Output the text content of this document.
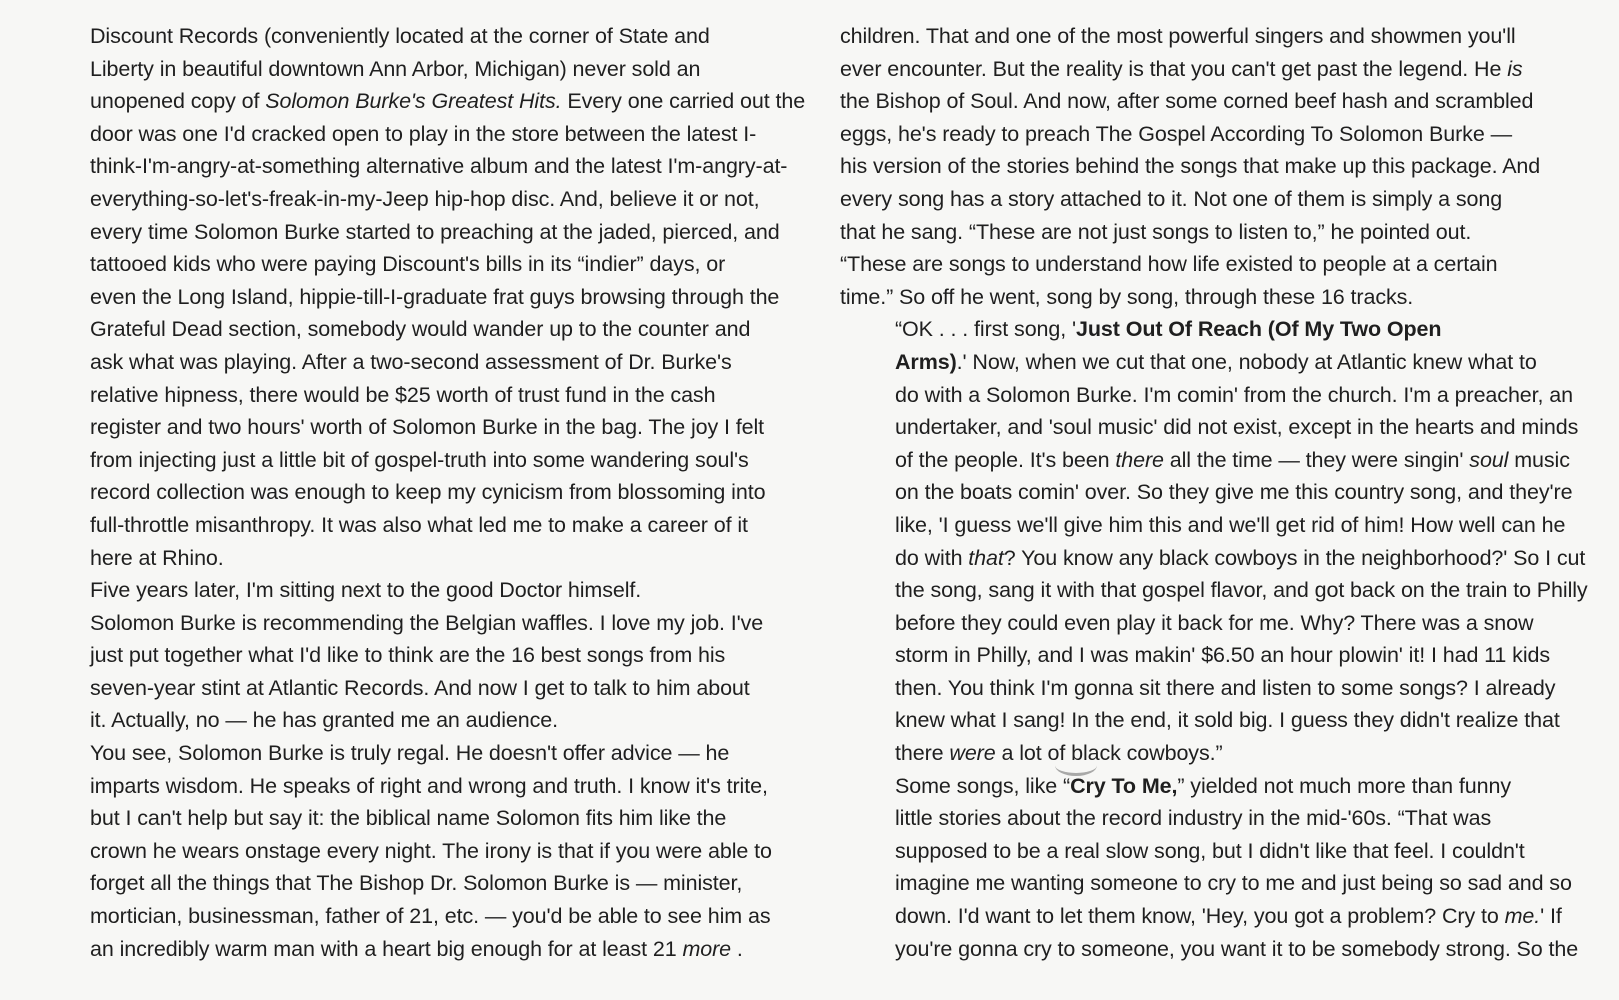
Discount Records (conveniently located at the corner of State and
Liberty in beautiful downtown Ann Arbor, Michigan) never sold an
unopened copy of Solomon Burke's Greatest Hits. Every one carried out the
door was one I'd cracked open to play in the store between the latest I-
think-I'm-angry-at-something alternative album and the latest I'm-angry-at-
everything-so-let's-freak-in-my-Jeep hip-hop disc. And, believe it or not,
every time Solomon Burke started to preaching at the jaded, pierced, and
tattooed kids who were paying Discount's bills in its “indier” days, or
even the Long Island, hippie-till-I-graduate frat guys browsing through the
Grateful Dead section, somebody would wander up to the counter and
ask what was playing. After a two-second assessment of Dr. Burke's
relative hipness, there would be $25 worth of trust fund in the cash
register and two hours' worth of Solomon Burke in the bag. The joy I felt
from injecting just a little bit of gospel-truth into some wandering soul's
record collection was enough to keep my cynicism from blossoming into
full-throttle misanthropy. It was also what led me to make a career of it
here at Rhino.

Five years later, I'm sitting next to the good Doctor himself.
Solomon Burke is recommending the Belgian waffles. I love my job. I've
just put together what I'd like to think are the 16 best songs from his
seven-year stint at Atlantic Records. And now I get to talk to him about
it. Actually, no — he has granted me an audience.

You see, Solomon Burke is truly regal. He doesn't offer advice — he
imparts wisdom. He speaks of right and wrong and truth. I know it's trite,
but I can't help but say it: the biblical name Solomon fits him like the
crown he wears onstage every night. The irony is that if you were able to
forget all the things that The Bishop Dr. Solomon Burke is — minister,
mortician, businessman, father of 21, etc. — you'd be able to see him as
an incredibly warm man with a heart big enough for at least 21 more .

children. That and one of the most powerful singers and showmen you'll
ever encounter. But the reality is that you can't get past the legend. He is
the Bishop of Soul. And now, after some corned beef hash and scrambled
eggs, he's ready to preach The Gospel According To Solomon Burke —
his version of the stories behind the songs that make up this package. And
every song has a story attached to it. Not one of them is simply a song
that he sang. “These are not just songs to listen to,” he pointed out.
“These are songs to understand how life existed to people at a certain
time.” So off he went, song by song, through these 16 tracks.

“OK . . . first song, 'Just Out Of Reach (Of My Two Open
Arms).' Now, when we cut that one, nobody at Atlantic knew what to
do with a Solomon Burke. I'm comin' from the church. I'm a preacher, an
undertaker, and 'soul music' did not exist, except in the hearts and minds
of the people. It's been there all the time — they were singin' soul music
on the boats comin' over. So they give me this country song, and they're
like, 'I guess we'll give him this and we'll get rid of him! How well can he
do with that? You know any black cowboys in the neighborhood?' So I cut
the song, sang it with that gospel flavor, and got back on the train to Philly
before they could even play it back for me. Why? There was a snow
storm in Philly, and I was makin' $6.50 an hour plowin' it! I had 11 kids
then. You think I'm gonna sit there and listen to some songs? I already
knew what I sang! In the end, it sold big. I guess they didn't realize that
there were a lot of black cowboys.”

Some songs, like “Cry To Me,” yielded not much more than funny
little stories about the record industry in the mid-'60s. “That was
supposed to be a real slow song, but I didn't like that feel. I couldn't
imagine me wanting someone to cry to me and just being so sad and so
down. I'd want to let them know, 'Hey, you got a problem? Cry to me.' If
you're gonna cry to someone, you want it to be somebody strong. So the
